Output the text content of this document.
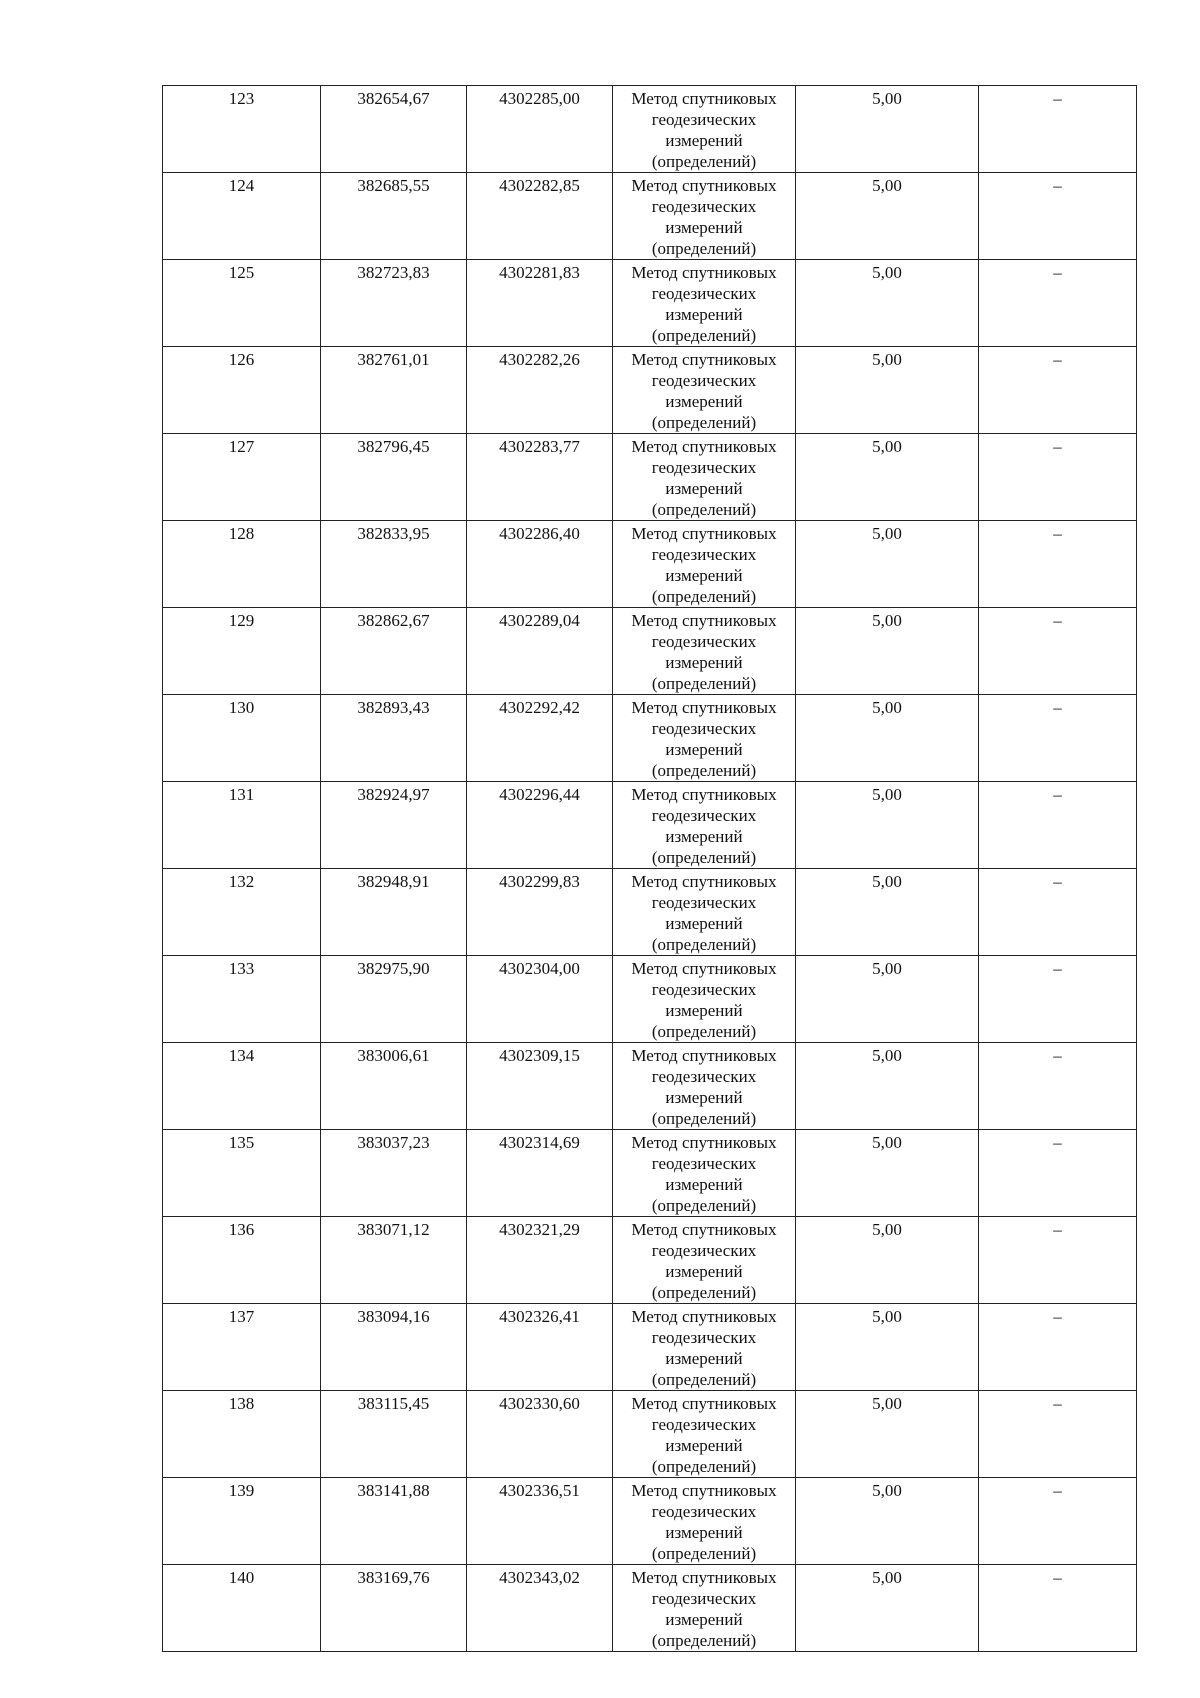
123	382654,67	4302285,00	Метод спутниковых геодезических измерений (определений)	5,00	–

124	382685,55	4302282,85	Метод спутниковых геодезических измерений (определений)	5,00	–

125	382723,83	4302281,83	Метод спутниковых геодезических измерений (определений)	5,00	–

126	382761,01	4302282,26	Метод спутниковых геодезических измерений (определений)	5,00	–

127	382796,45	4302283,77	Метод спутниковых геодезических измерений (определений)	5,00	–

128	382833,95	4302286,40	Метод спутниковых геодезических измерений (определений)	5,00	–

129	382862,67	4302289,04	Метод спутниковых геодезических измерений (определений)	5,00	–

130	382893,43	4302292,42	Метод спутниковых геодезических измерений (определений)	5,00	–

131	382924,97	4302296,44	Метод спутниковых геодезических измерений (определений)	5,00	–

132	382948,91	4302299,83	Метод спутниковых геодезических измерений (определений)	5,00	–

133	382975,90	4302304,00	Метод спутниковых геодезических измерений (определений)	5,00	–

134	383006,61	4302309,15	Метод спутниковых геодезических измерений (определений)	5,00	–

135	383037,23	4302314,69	Метод спутниковых геодезических измерений (определений)	5,00	–

136	383071,12	4302321,29	Метод спутниковых геодезических измерений (определений)	5,00	–

137	383094,16	4302326,41	Метод спутниковых геодезических измерений (определений)	5,00	–

138	383115,45	4302330,60	Метод спутниковых геодезических измерений (определений)	5,00	–

139	383141,88	4302336,51	Метод спутниковых геодезических измерений (определений)	5,00	–

140	383169,76	4302343,02	Метод спутниковых геодезических измерений (определений)	5,00	–
